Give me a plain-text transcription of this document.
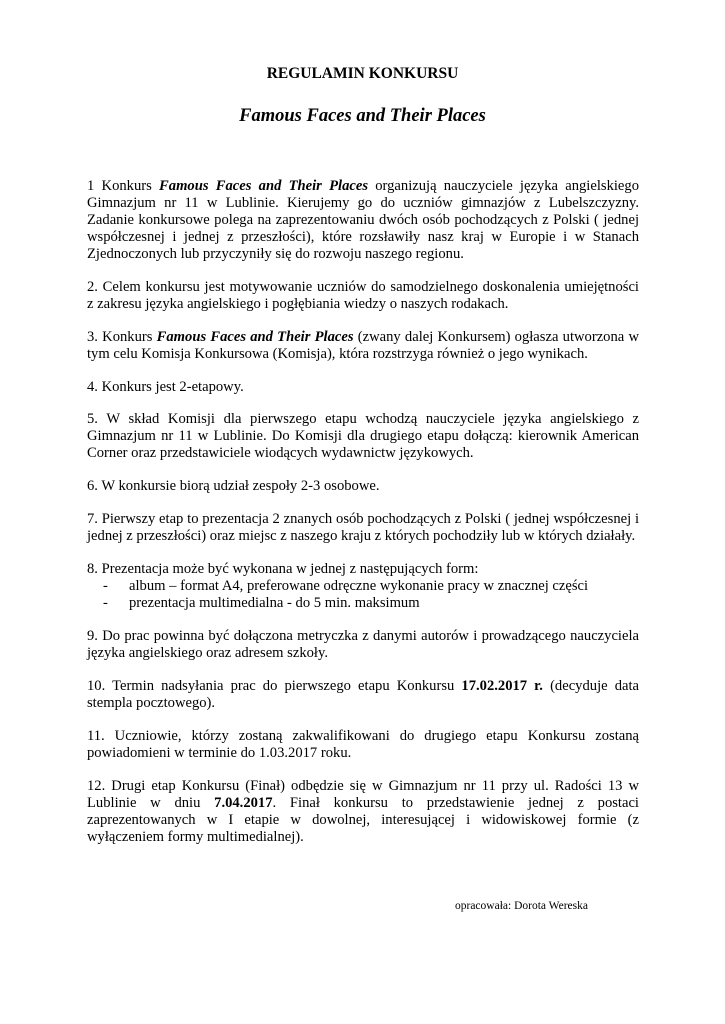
REGULAMIN KONKURSU
Famous Faces and Their Places

1 Konkurs Famous Faces and Their Places organizują nauczyciele języka angielskiego Gimnazjum nr 11 w Lublinie. Kierujemy go do uczniów gimnazjów z Lubelszczyzny. Zadanie konkursowe polega na zaprezentowaniu dwóch osób pochodzących z Polski ( jednej współczesnej i jednej z przeszłości), które rozsławiły nasz kraj w Europie i w Stanach Zjednoczonych lub przyczyniły się do rozwoju naszego regionu.

2. Celem konkursu jest motywowanie uczniów do samodzielnego doskonalenia umiejętności z zakresu języka angielskiego i pogłębiania wiedzy o naszych rodakach.

3. Konkurs Famous Faces and Their Places (zwany dalej Konkursem) ogłasza utworzona w tym celu Komisja Konkursowa (Komisja), która rozstrzyga również o jego wynikach.

4. Konkurs jest 2-etapowy.

5. W skład Komisji dla pierwszego etapu wchodzą nauczyciele języka angielskiego z Gimnazjum nr 11 w Lublinie. Do Komisji dla drugiego etapu dołączą: kierownik American Corner oraz przedstawiciele wiodących wydawnictw językowych.

6. W konkursie biorą udział zespoły 2-3 osobowe.

7. Pierwszy etap to prezentacja 2 znanych osób pochodzących z Polski ( jednej współczesnej i jednej z przeszłości) oraz miejsc z naszego kraju z których pochodziły lub w których działały.

8. Prezentacja może być wykonana w jednej z następujących form:
- album – format A4, preferowane odręczne wykonanie pracy w znacznej części
- prezentacja multimedialna - do 5 min. maksimum

9. Do prac powinna być dołączona metryczka z danymi autorów i prowadzącego nauczyciela języka angielskiego oraz adresem szkoły.

10. Termin nadsyłania prac do pierwszego etapu Konkursu 17.02.2017 r. (decyduje data stempla pocztowego).

11. Uczniowie, którzy zostaną zakwalifikowani do drugiego etapu Konkursu zostaną powiadomieni w terminie do 1.03.2017 roku.

12. Drugi etap Konkursu (Finał) odbędzie się w Gimnazjum nr 11 przy ul. Radości 13 w Lublinie w dniu 7.04.2017. Finał konkursu to przedstawienie jednej z postaci zaprezentowanych w I etapie w dowolnej, interesującej i widowiskowej formie (z wyłączeniem formy multimedialnej).

opracowała: Dorota Wereska
